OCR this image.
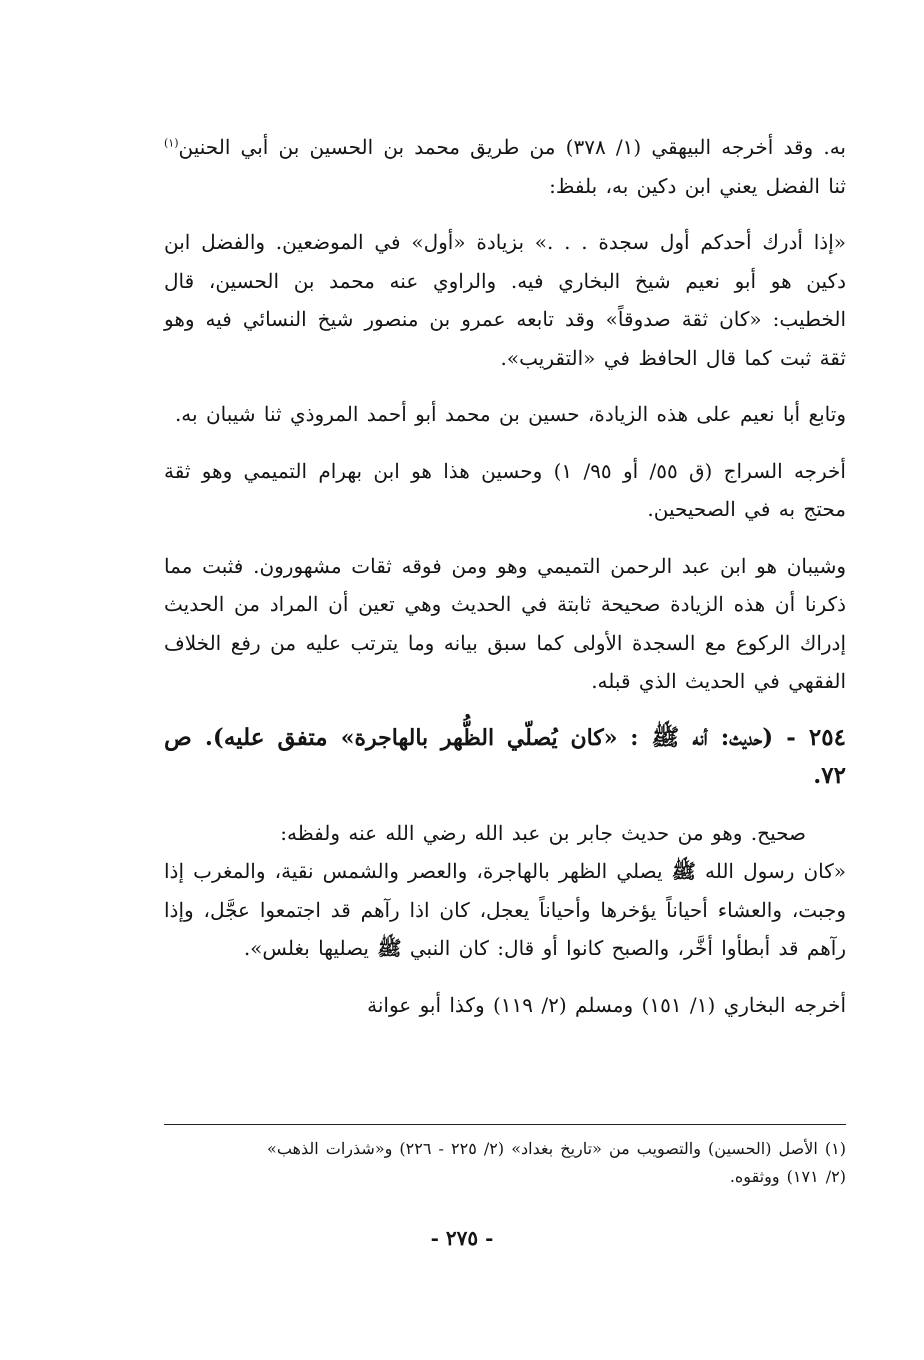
به. وقد أخرجه البيهقي (١/ ٣٧٨) من طريق محمد بن الحسين بن أبي الحنين$^{(١)}$ ثنا الفضل يعني ابن دكين به، بلفظ:

«إذا أدرك أحدكم أول سجدة . . .» بزيادة «أول» في الموضعين. والفضل ابن دكين هو أبو نعيم شيخ البخاري فيه. والراوي عنه محمد بن الحسين، قال الخطيب: «كان ثقة صدوقاً» وقد تابعه عمرو بن منصور شيخ النسائي فيه وهو ثقة ثبت كما قال الحافظ في «التقريب».

وتابع أبا نعيم على هذه الزيادة، حسين بن محمد أبو أحمد المروذي ثنا شيبان به.

أخرجه السراج (ق ٥٥/ أو ٩٥/ ١) وحسين هذا هو ابن بهرام التميمي وهو ثقة محتج به في الصحيحين.

وشيبان هو ابن عبد الرحمن التميمي وهو ومن فوقه ثقات مشهورون. فثبت مما ذكرنا أن هذه الزيادة صحيحة ثابتة في الحديث وهي تعين أن المراد من الحديث إدراك الركوع مع السجدة الأولى كما سبق بيانه وما يترتب عليه من رفع الخلاف الفقهي في الحديث الذي قبله.

٢٥٤ - (حديث: أنه ﷺ : «كان يُصلّي الظُّهر بالهاجرة» متفق عليه). ص ٧٢.

صحيح. وهو من حديث جابر بن عبد الله رضي الله عنه ولفظه:

«كان رسول الله ﷺ يصلي الظهر بالهاجرة، والعصر والشمس نقية، والمغرب إذا وجبت، والعشاء أحياناً يؤخرها وأحياناً يعجل، كان اذا رآهم قد اجتمعوا عجَّل، وإذا رآهم قد أبطأوا أخَّر، والصبح كانوا أو قال: كان النبي ﷺ يصليها بغلس».

أخرجه البخاري (١/ ١٥١) ومسلم (٢/ ١١٩) وكذا أبو عوانة

(١) الأصل (الحسين) والتصويب من «تاريخ بغداد» (٢/ ٢٢٥ - ٢٢٦) و«شذرات الذهب»

(٢/ ١٧١) ووثقوه.

- ٢٧٥ -
